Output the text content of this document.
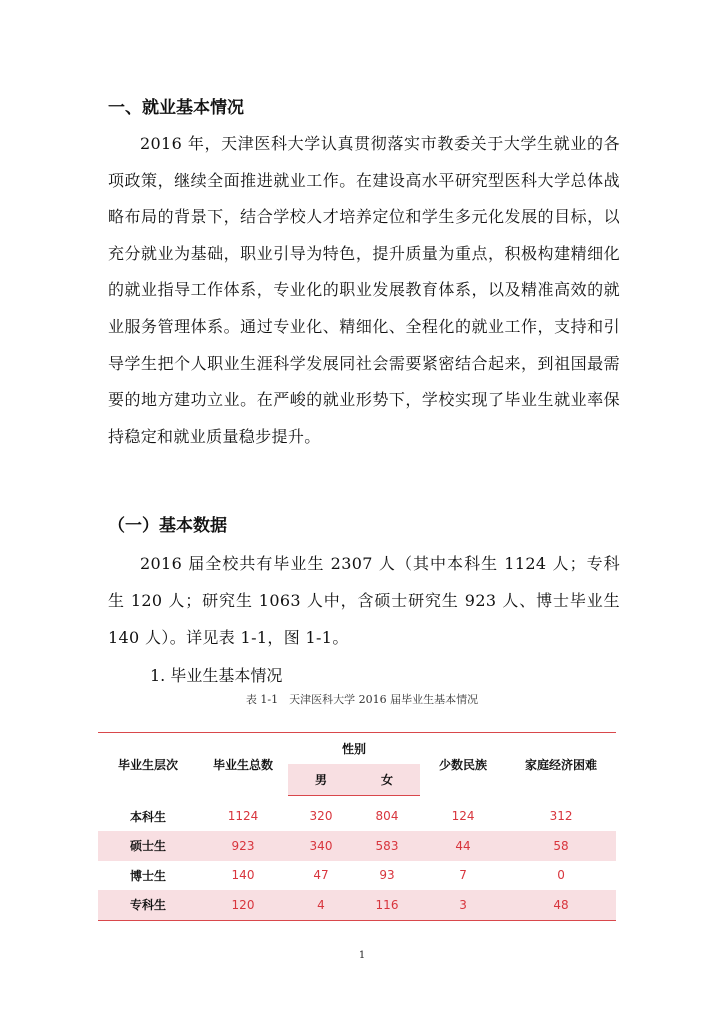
一、就业基本情况

2016 年，天津医科大学认真贯彻落实市教委关于大学生就业的各项政策，继续全面推进就业工作。在建设高水平研究型医科大学总体战略布局的背景下，结合学校人才培养定位和学生多元化发展的目标，以充分就业为基础，职业引导为特色，提升质量为重点，积极构建精细化的就业指导工作体系，专业化的职业发展教育体系，以及精准高效的就业服务管理体系。通过专业化、精细化、全程化的就业工作，支持和引导学生把个人职业生涯科学发展同社会需要紧密结合起来，到祖国最需要的地方建功立业。在严峻的就业形势下，学校实现了毕业生就业率保持稳定和就业质量稳步提升。

（一）基本数据

2016 届全校共有毕业生 2307 人（其中本科生 1124 人；专科生 120 人；研究生 1063 人中，含硕士研究生 923 人、博士毕业生 140 人）。详见表 1-1，图 1-1。

1. 毕业生基本情况

表 1-1　天津医科大学 2016 届毕业生基本情况

毕业生层次	毕业生总数	性别		少数民族	家庭经济困难
		男	女		

本科生	1124	320	804	124	312
硕士生	923	340	583	44	58
博士生	140	47	93	7	0
专科生	120	4	116	3	48

1
